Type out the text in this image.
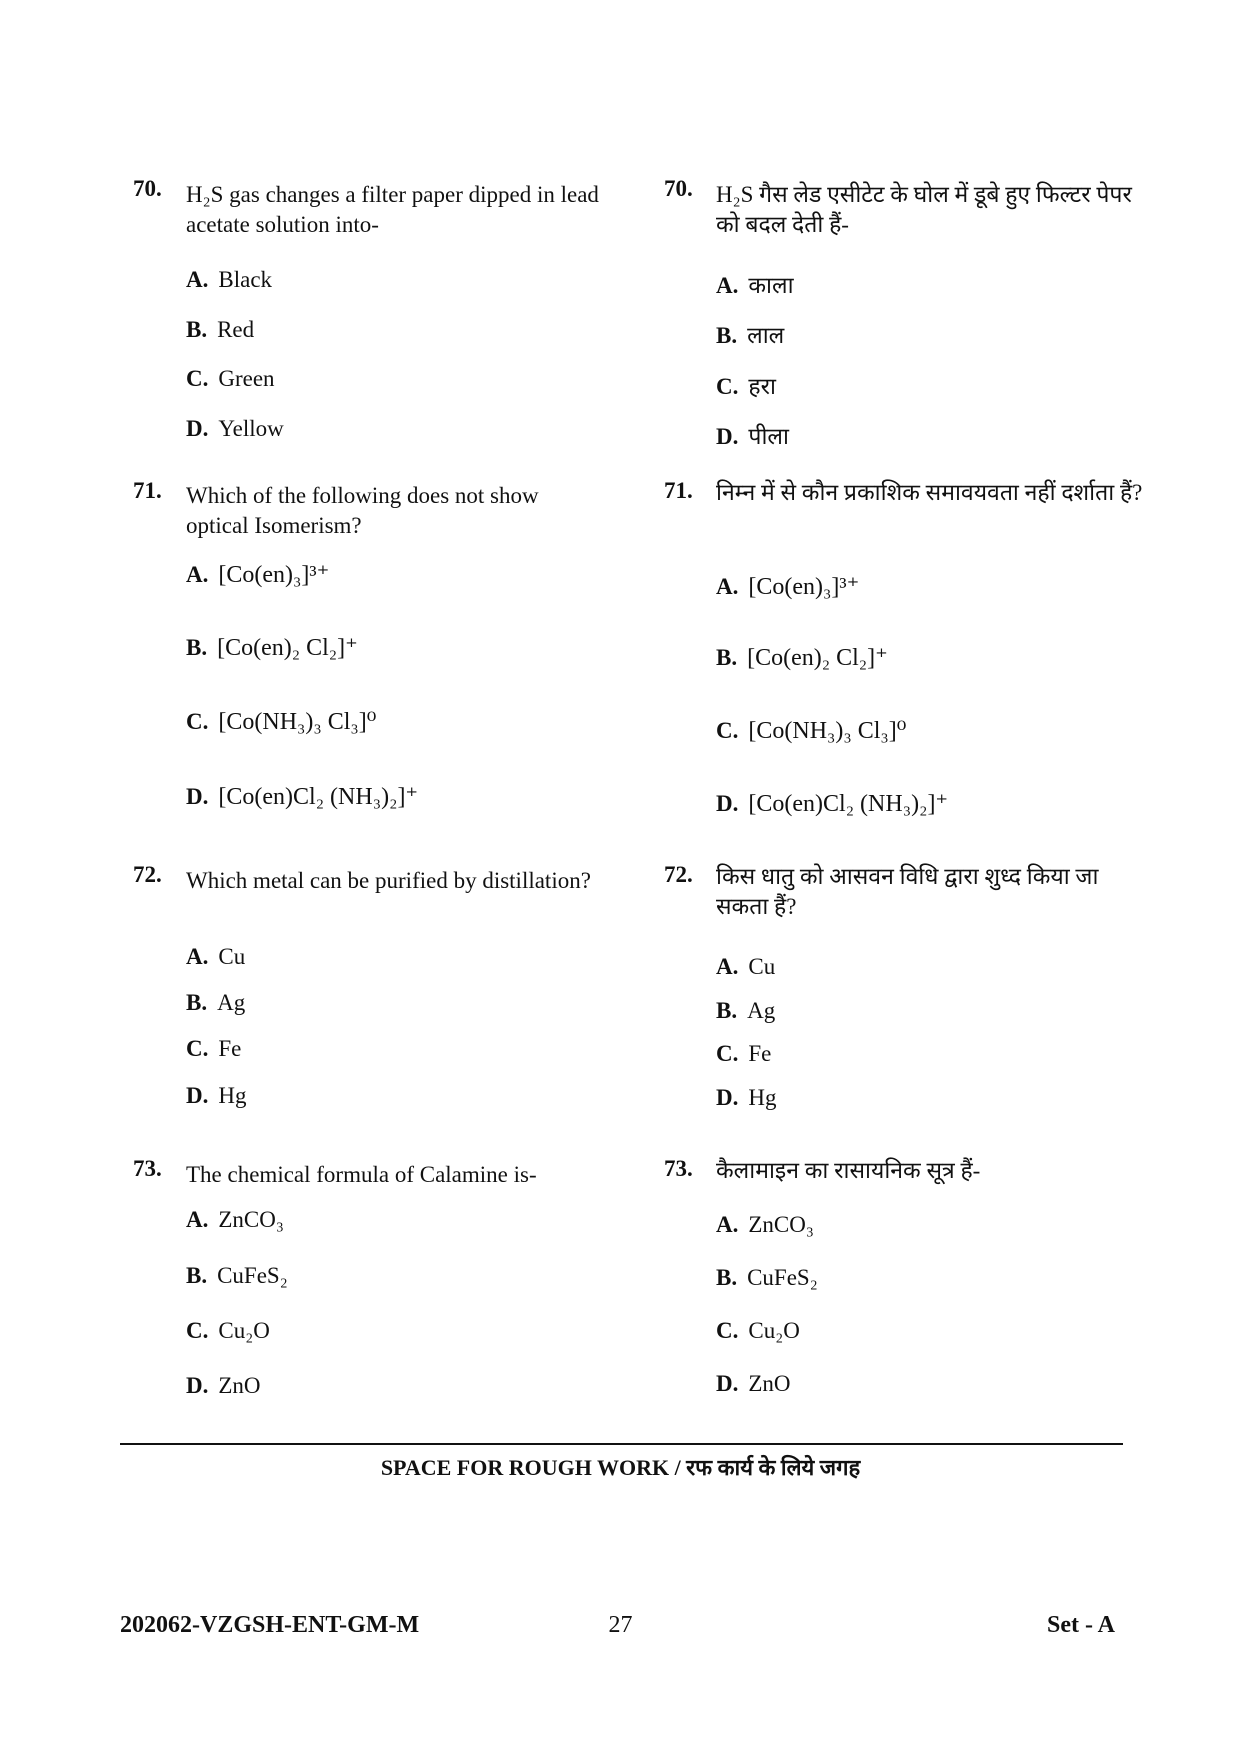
70. H₂S gas changes a filter paper dipped in lead acetate solution into-
A. Black
B. Red
C. Green
D. Yellow
71. Which of the following does not show optical Isomerism?
A. [Co(en)₃]³⁺
B. [Co(en)₂ Cl₂]⁺
C. [Co(NH₃)₃ Cl₃]⁰
D. [Co(en)Cl₂ (NH₃)₂]⁺
72. Which metal can be purified by distillation?
A. Cu
B. Ag
C. Fe
D. Hg
73. The chemical formula of Calamine is-
A. ZnCO₃
B. CuFeS₂
C. Cu₂O
D. ZnO
70. H₂S गैस लेड एसीटेट के घोल में डूबे हुए फिल्टर पेपर को बदल देती हैं-
A. काला
B. लाल
C. हरा
D. पीला
71. निम्न में से कौन प्रकाशिक समावयवता नहीं दर्शाता हैं?
A. [Co(en)₃]³⁺
B. [Co(en)₂ Cl₂]⁺
C. [Co(NH₃)₃ Cl₃]⁰
D. [Co(en)Cl₂ (NH₃)₂]⁺
72. किस धातु को आसवन विधि द्वारा शुध्द किया जा सकता हैं?
A. Cu
B. Ag
C. Fe
D. Hg
73. कैलामाइन का रासायनिक सूत्र हैं-
A. ZnCO₃
B. CuFeS₂
C. Cu₂O
D. ZnO
SPACE FOR ROUGH WORK / रफ कार्य के लिये जगह
202062-VZGSH-ENT-GM-M	27	Set - A
